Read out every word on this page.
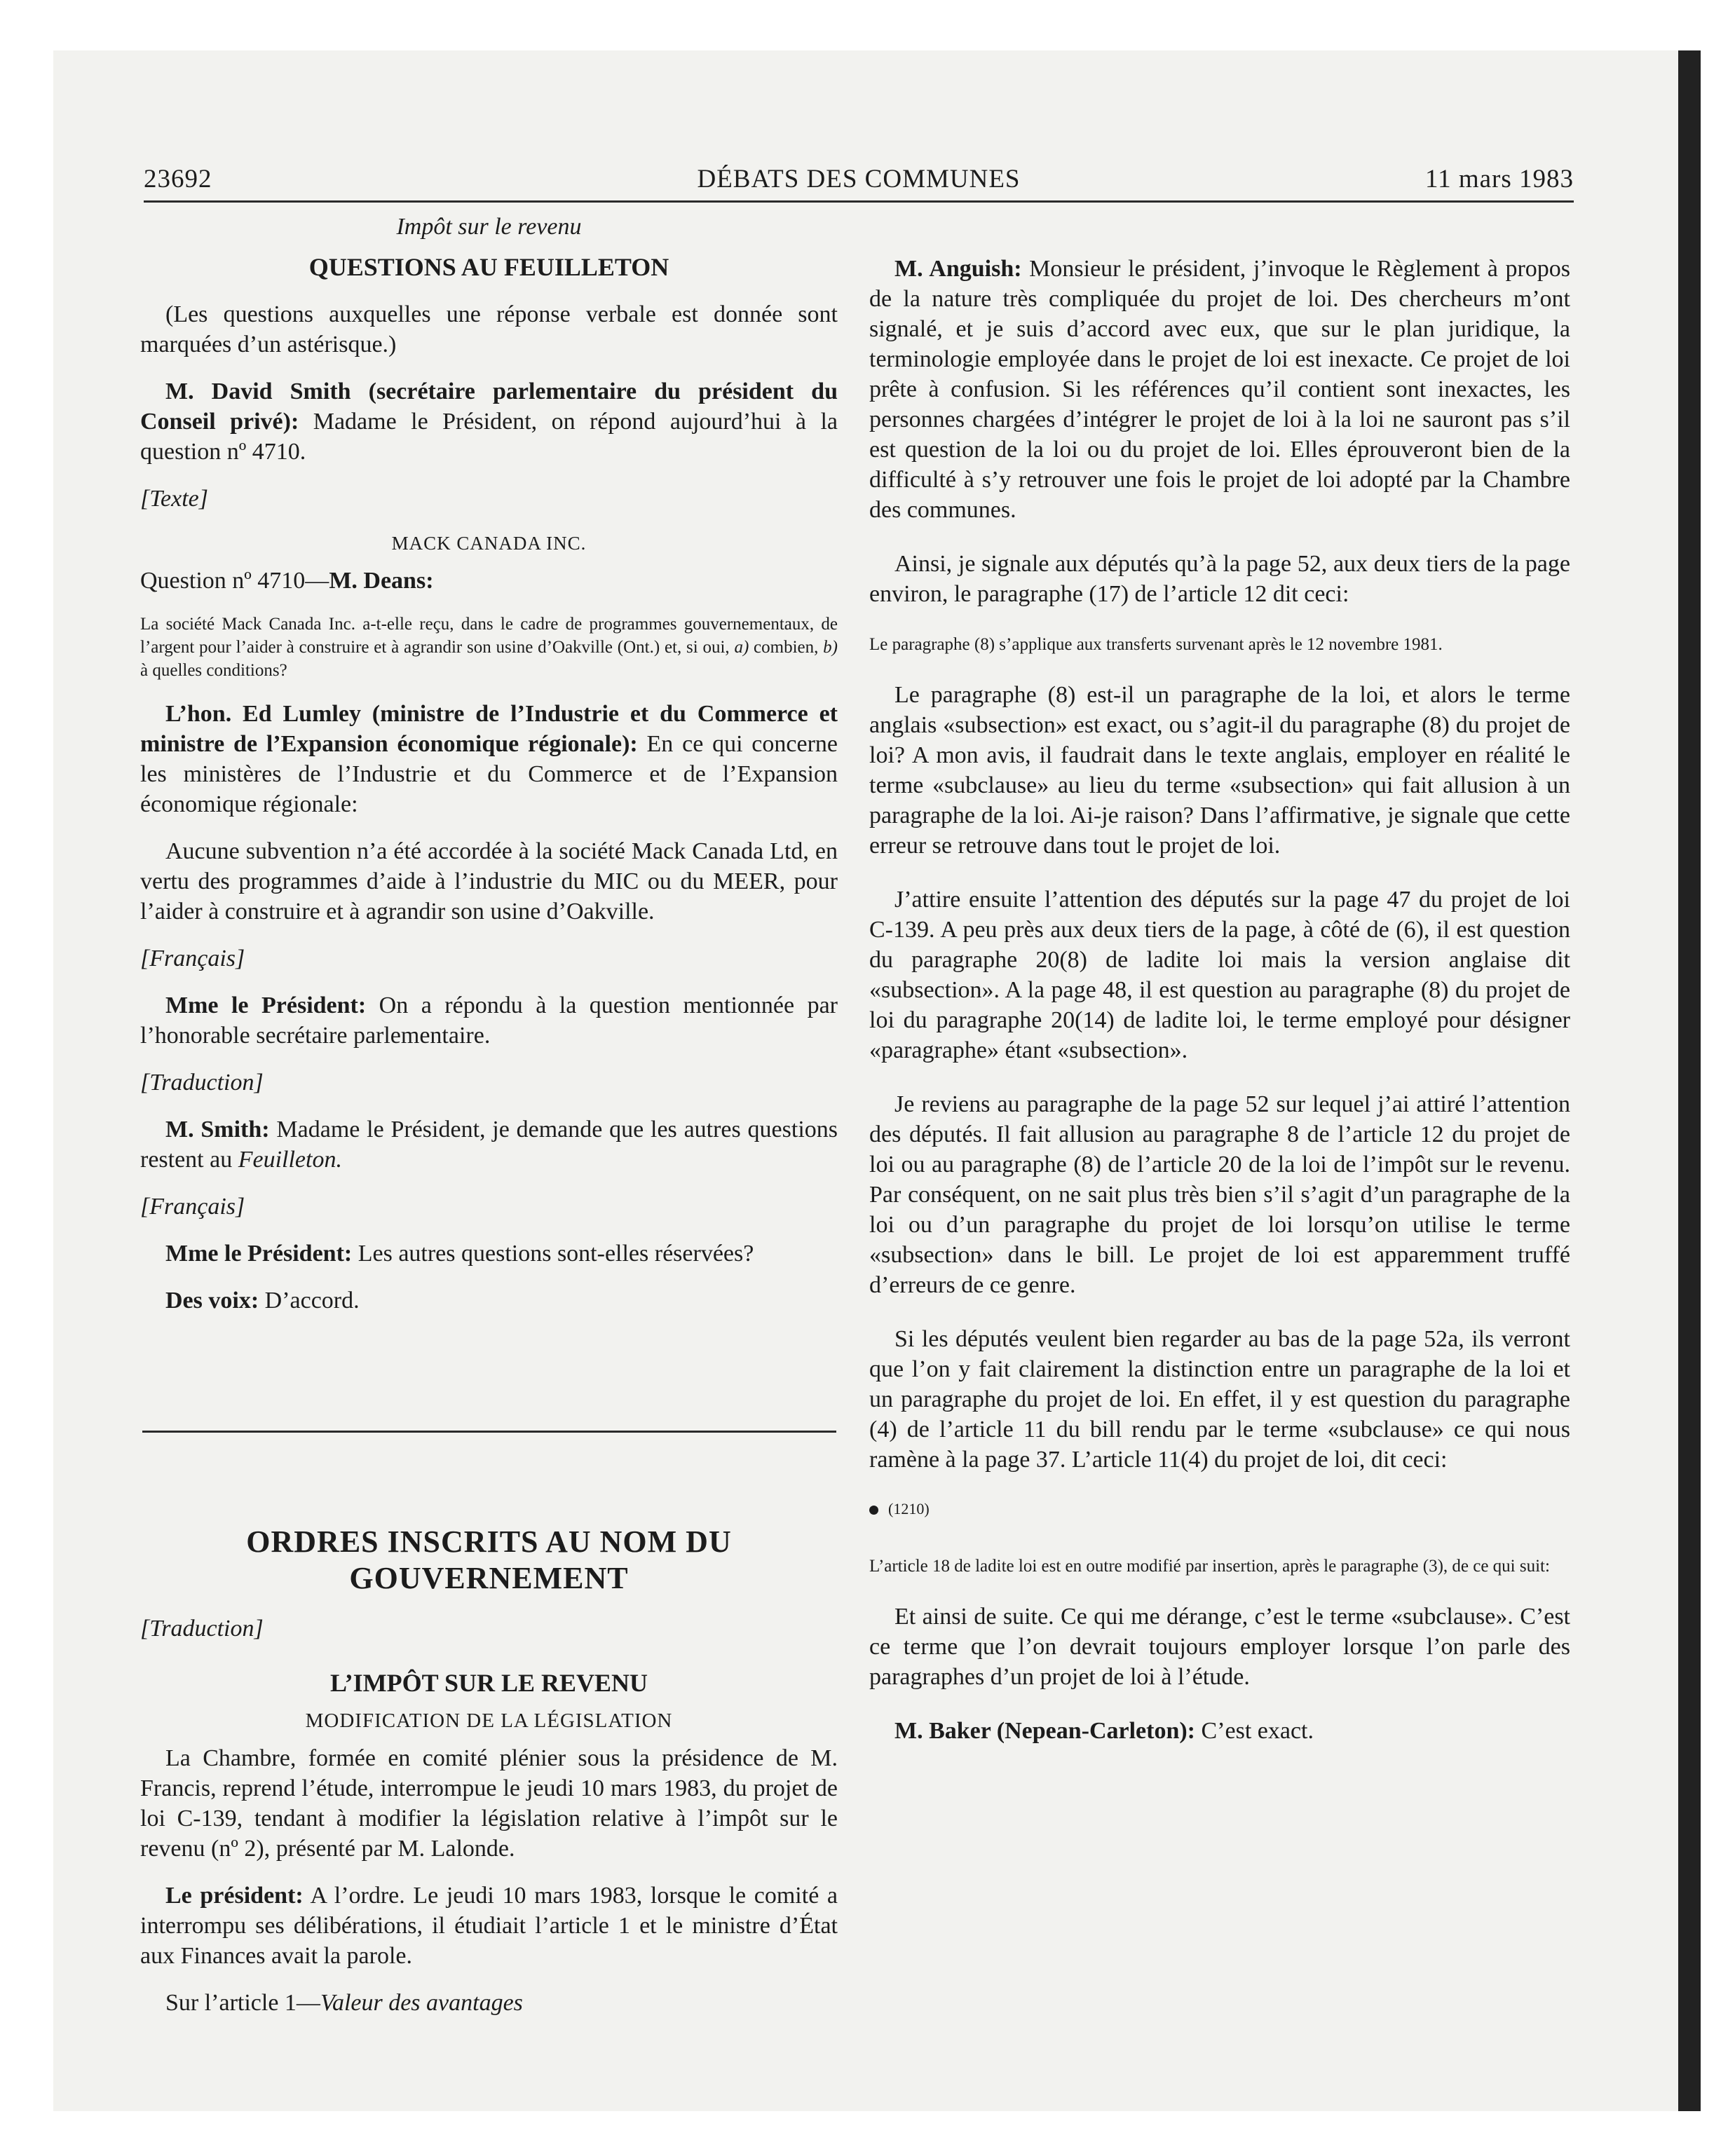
23692	DÉBATS DES COMMUNES	11 mars 1983

Impôt sur le revenu

QUESTIONS AU FEUILLETON

(Les questions auxquelles une réponse verbale est donnée sont marquées d’un astérisque.)

M. David Smith (secrétaire parlementaire du président du Conseil privé): Madame le Président, on répond aujourd’hui à la question nº 4710.

[Texte]

MACK CANADA INC.

Question nº 4710—M. Deans:

La société Mack Canada Inc. a-t-elle reçu, dans le cadre de programmes gouvernementaux, de l’argent pour l’aider à construire et à agrandir son usine d’Oakville (Ont.) et, si oui, a) combien, b) à quelles conditions?

L’hon. Ed Lumley (ministre de l’Industrie et du Commerce et ministre de l’Expansion économique régionale): En ce qui concerne les ministères de l’Industrie et du Commerce et de l’Expansion économique régionale:

Aucune subvention n’a été accordée à la société Mack Canada Ltd, en vertu des programmes d’aide à l’industrie du MIC ou du MEER, pour l’aider à construire et à agrandir son usine d’Oakville.

[Français]

Mme le Président: On a répondu à la question mentionnée par l’honorable secrétaire parlementaire.

[Traduction]

M. Smith: Madame le Président, je demande que les autres questions restent au Feuilleton.

[Français]

Mme le Président: Les autres questions sont-elles réservées?

Des voix: D’accord.

ORDRES INSCRITS AU NOM DU

GOUVERNEMENT

[Traduction]

L’IMPÔT SUR LE REVENU

MODIFICATION DE LA LÉGISLATION

La Chambre, formée en comité plénier sous la présidence de M. Francis, reprend l’étude, interrompue le jeudi 10 mars 1983, du projet de loi C-139, tendant à modifier la législation relative à l’impôt sur le revenu (nº 2), présenté par M. Lalonde.

Le président: A l’ordre. Le jeudi 10 mars 1983, lorsque le comité a interrompu ses délibérations, il étudiait l’article 1 et le ministre d’État aux Finances avait la parole.

Sur l’article 1—Valeur des avantages

M. Anguish: Monsieur le président, j’invoque le Règlement à propos de la nature très compliquée du projet de loi. Des chercheurs m’ont signalé, et je suis d’accord avec eux, que sur le plan juridique, la terminologie employée dans le projet de loi est inexacte. Ce projet de loi prête à confusion. Si les références qu’il contient sont inexactes, les personnes chargées d’intégrer le projet de loi à la loi ne sauront pas s’il est question de la loi ou du projet de loi. Elles éprouveront bien de la difficulté à s’y retrouver une fois le projet de loi adopté par la Chambre des communes.

Ainsi, je signale aux députés qu’à la page 52, aux deux tiers de la page environ, le paragraphe (17) de l’article 12 dit ceci:

Le paragraphe (8) s’applique aux transferts survenant après le 12 novembre 1981.

Le paragraphe (8) est-il un paragraphe de la loi, et alors le terme anglais «subsection» est exact, ou s’agit-il du paragraphe (8) du projet de loi? A mon avis, il faudrait dans le texte anglais, employer en réalité le terme «subclause» au lieu du terme «subsection» qui fait allusion à un paragraphe de la loi. Ai-je raison? Dans l’affirmative, je signale que cette erreur se retrouve dans tout le projet de loi.

J’attire ensuite l’attention des députés sur la page 47 du projet de loi C-139. A peu près aux deux tiers de la page, à côté de (6), il est question du paragraphe 20(8) de ladite loi mais la version anglaise dit «subsection». A la page 48, il est question au paragraphe (8) du projet de loi du paragraphe 20(14) de ladite loi, le terme employé pour désigner «paragraphe» étant «subsection».

Je reviens au paragraphe de la page 52 sur lequel j’ai attiré l’attention des députés. Il fait allusion au paragraphe 8 de l’article 12 du projet de loi ou au paragraphe (8) de l’article 20 de la loi de l’impôt sur le revenu. Par conséquent, on ne sait plus très bien s’il s’agit d’un paragraphe de la loi ou d’un paragraphe du projet de loi lorsqu’on utilise le terme «subsection» dans le bill. Le projet de loi est apparemment truffé d’erreurs de ce genre.

Si les députés veulent bien regarder au bas de la page 52a, ils verront que l’on y fait clairement la distinction entre un paragraphe de la loi et un paragraphe du projet de loi. En effet, il y est question du paragraphe (4) de l’article 11 du bill rendu par le terme «subclause» ce qui nous ramène à la page 37. L’article 11(4) du projet de loi, dit ceci:

(1210)

L’article 18 de ladite loi est en outre modifié par insertion, après le paragraphe (3), de ce qui suit:

Et ainsi de suite. Ce qui me dérange, c’est le terme «subclause». C’est ce terme que l’on devrait toujours employer lorsque l’on parle des paragraphes d’un projet de loi à l’étude.

M. Baker (Nepean-Carleton): C’est exact.
